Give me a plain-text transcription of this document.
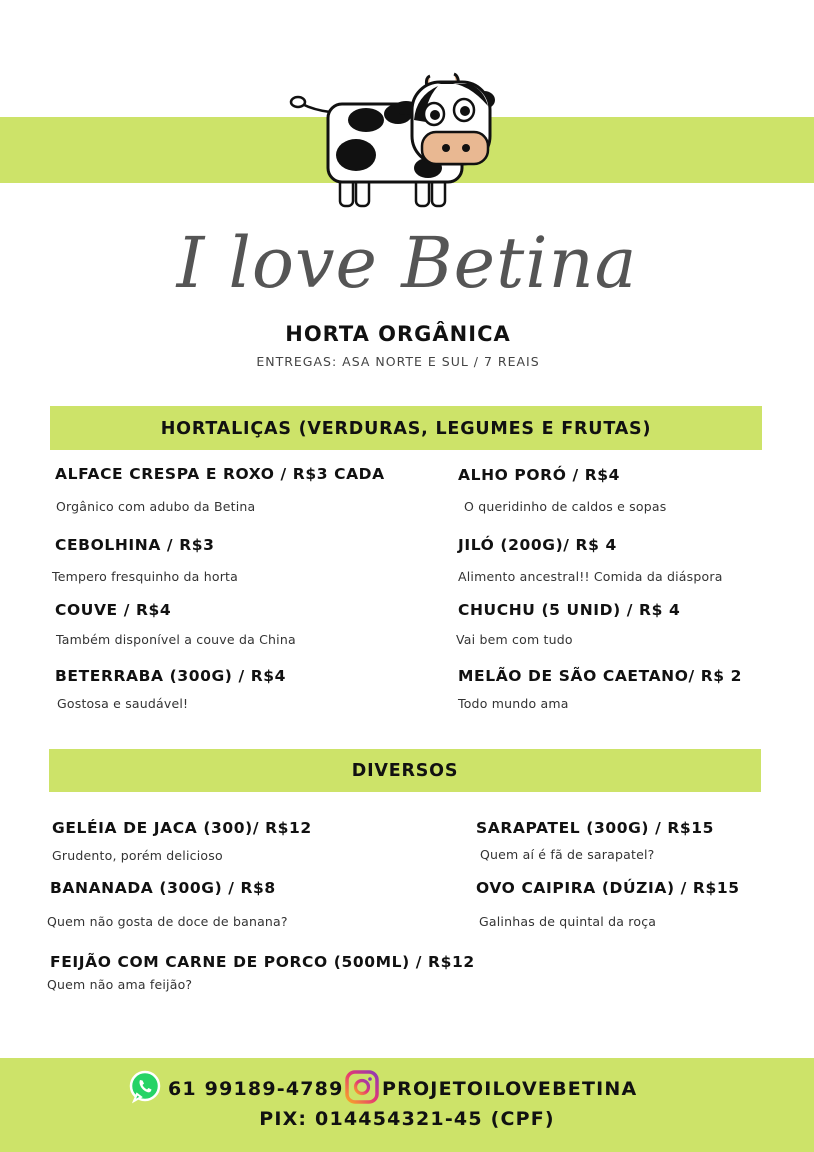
I love Betina
HORTA ORGÂNICA
ENTREGAS: ASA NORTE E SUL / 7 REAIS
HORTALIÇAS (VERDURAS, LEGUMES E FRUTAS)
ALFACE CRESPA E ROXO / R$3 CADA
Orgânico com adubo da Betina
ALHO PORÓ / R$4
O queridinho de caldos e sopas
CEBOLHINA / R$3
Tempero fresquinho da horta
JILÓ (200G)/ R$ 4
Alimento ancestral!! Comida da diáspora
COUVE / R$4
Também disponível a couve da China
CHUCHU (5 UNID) / R$ 4
Vai bem com tudo
BETERRABA (300G) / R$4
Gostosa e saudável!
MELÃO DE SÃO CAETANO/ R$ 2
Todo mundo ama
DIVERSOS
GELÉIA DE JACA (300)/ R$12
Grudento, porém delicioso
SARAPATEL (300G) / R$15
Quem aí é fã de sarapatel?
BANANADA (300G) / R$8
Quem não gosta de doce de banana?
OVO CAIPIRA (DÚZIA) / R$15
Galinhas de quintal da roça
FEIJÃO COM CARNE DE PORCO (500ML) / R$12
Quem não ama feijão?
61 99189-4789 PROJETOILOVEBETINA
PIX: 014454321-45 (CPF)
